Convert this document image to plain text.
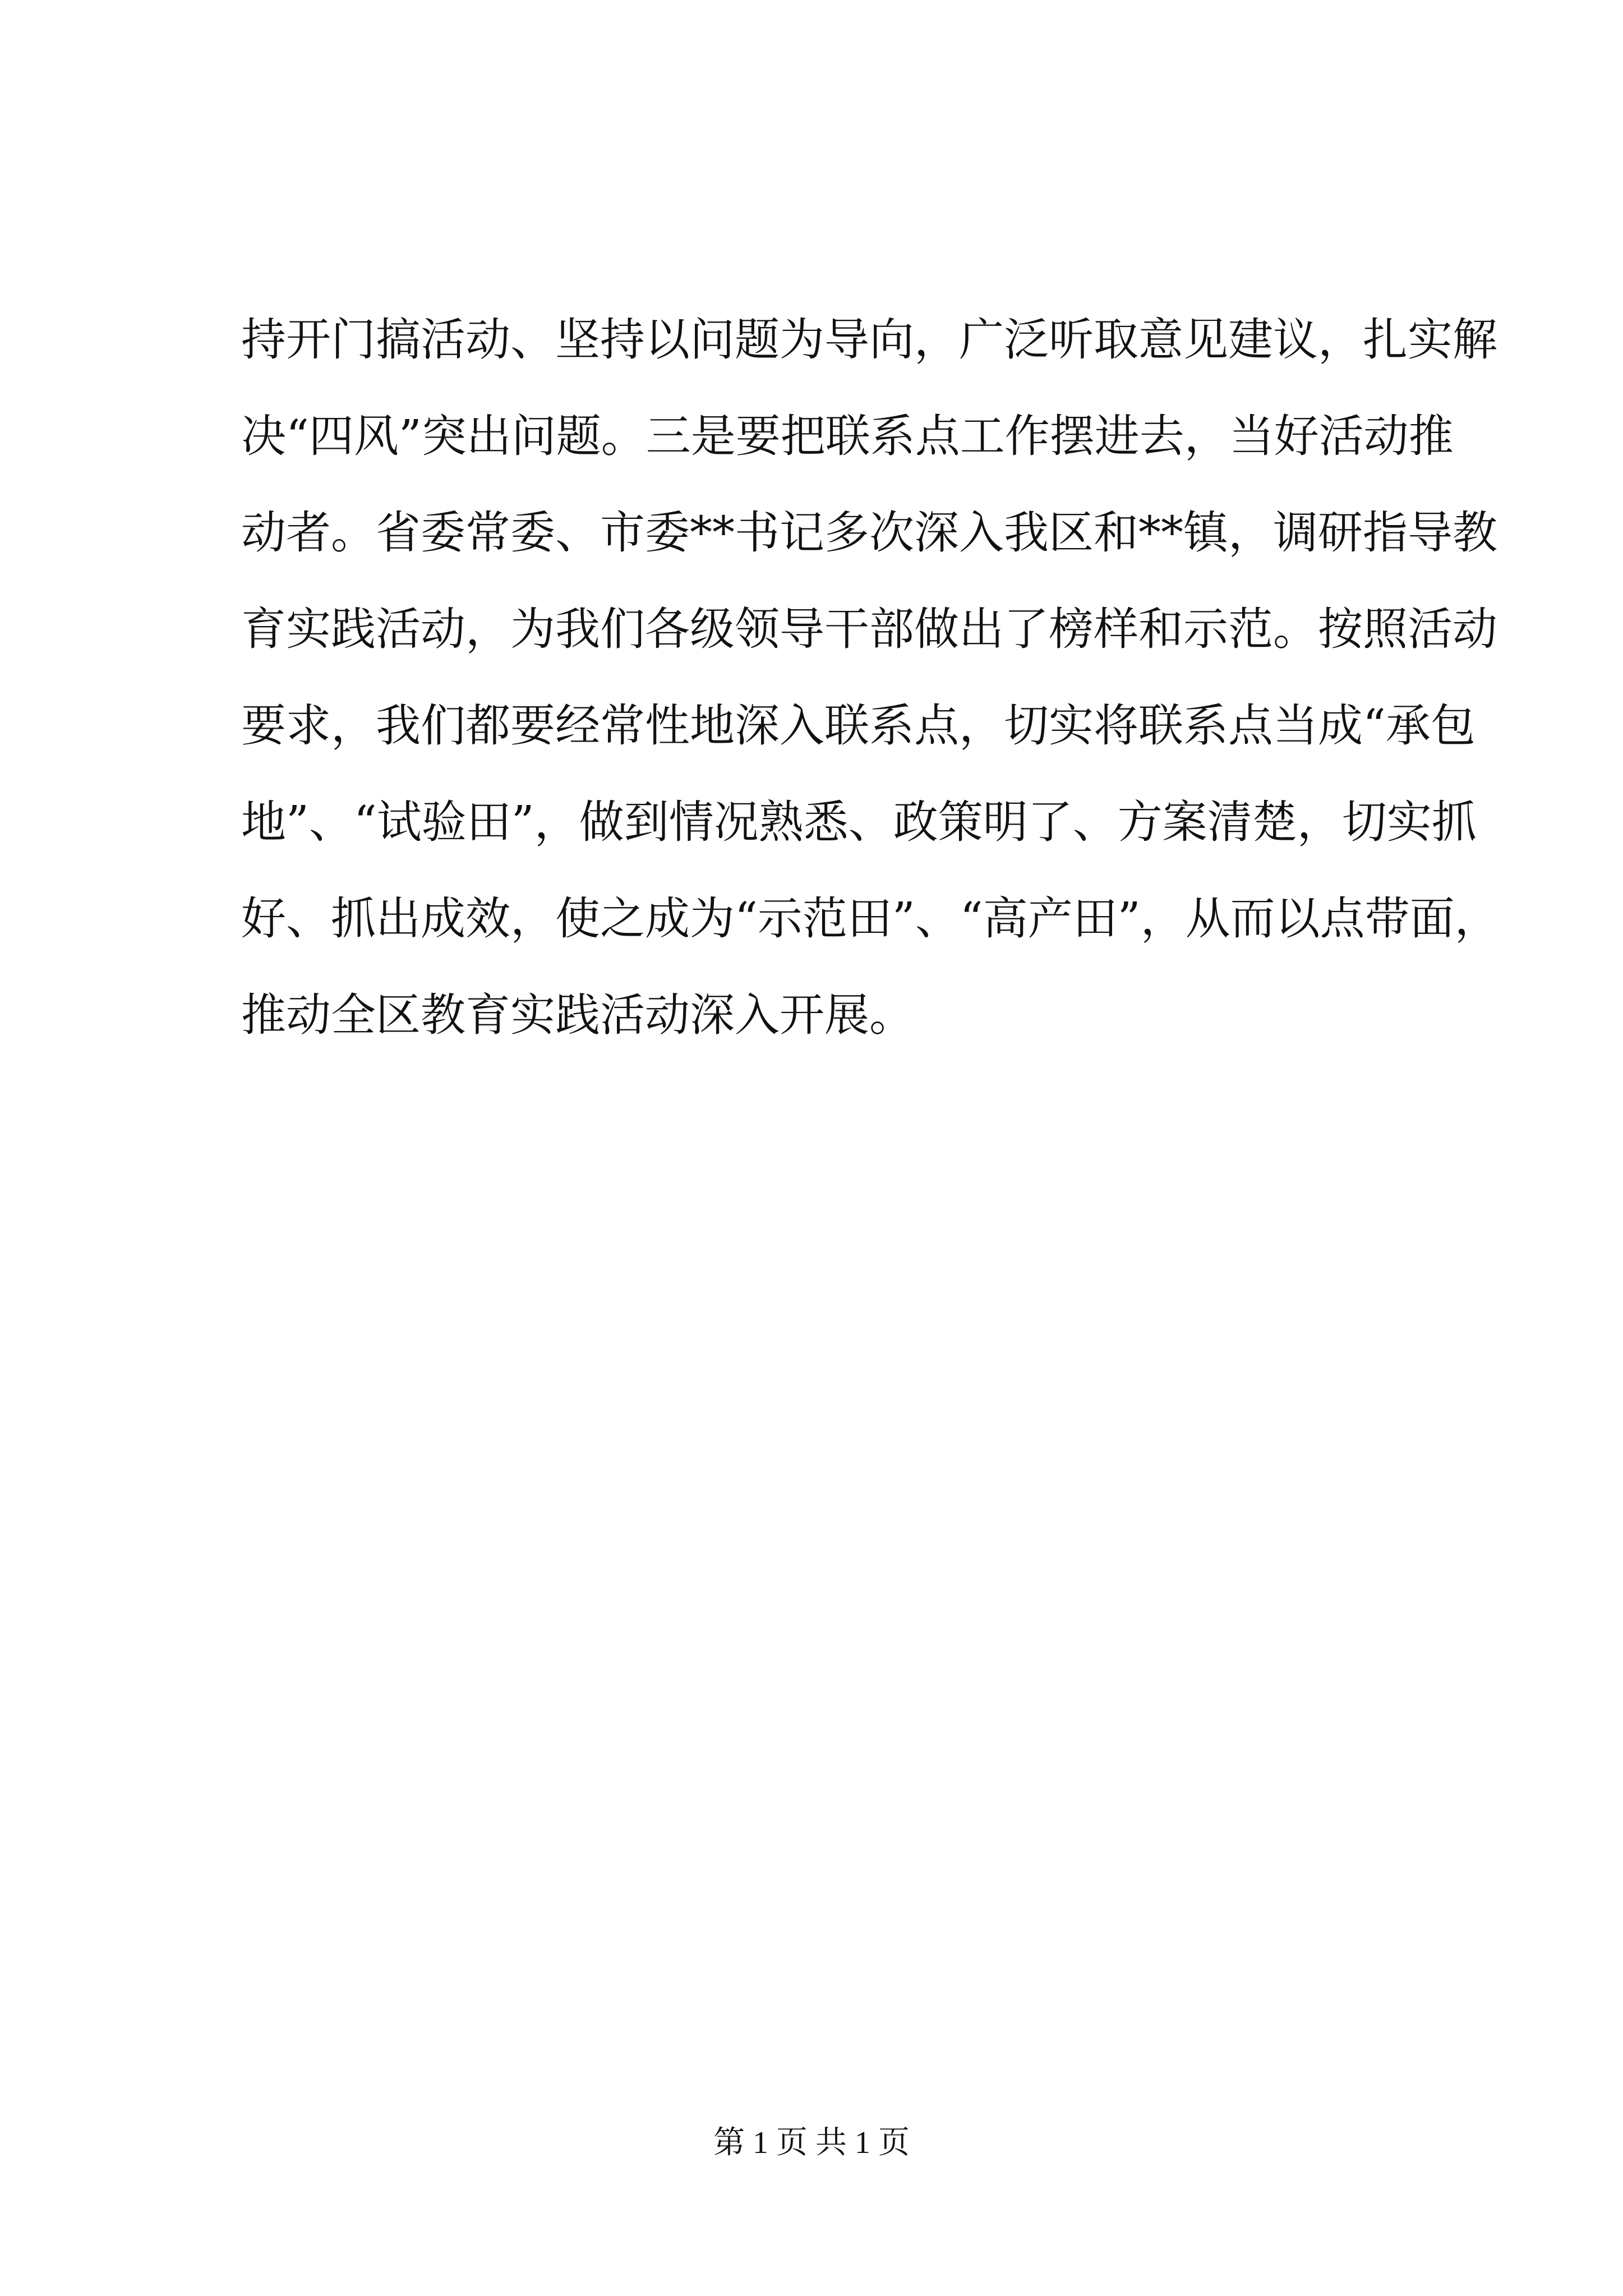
持开门搞活动、坚持以问题为导向，广泛听取意见建议，扎实解
决“四风”突出问题。三是要把联系点工作摆进去，当好活动推
动者。省委常委、市委**书记多次深入我区和**镇，调研指导教
育实践活动，为我们各级领导干部做出了榜样和示范。按照活动
要求，我们都要经常性地深入联系点，切实将联系点当成“承包
地”、“试验田”，做到情况熟悉、政策明了、方案清楚，切实抓
好、抓出成效，使之成为“示范田”、“高产田”，从而以点带面，
推动全区教育实践活动深入开展。
第 1 页 共 1 页
